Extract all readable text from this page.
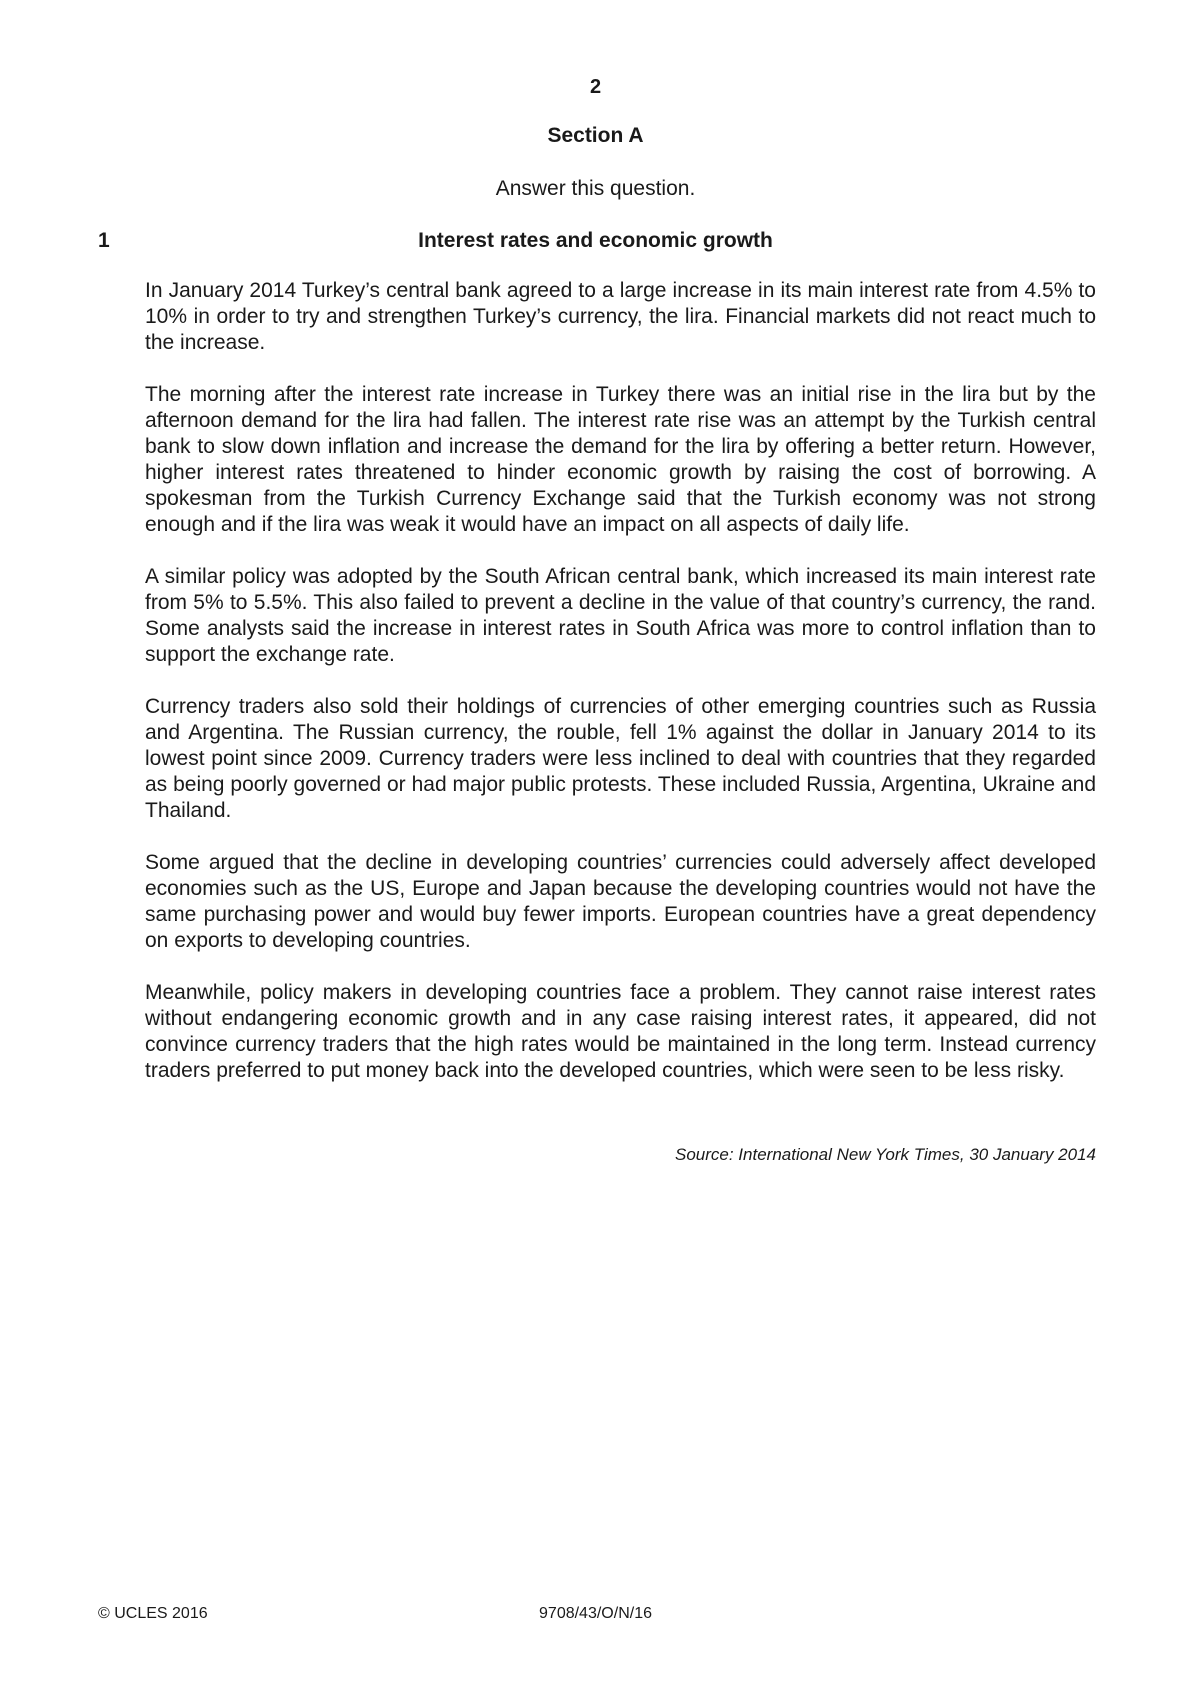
2
Section A
Answer this question.
1	Interest rates and economic growth

In January 2014 Turkey’s central bank agreed to a large increase in its main interest rate from 4.5% to 10% in order to try and strengthen Turkey’s currency, the lira. Financial markets did not react much to the increase.

The morning after the interest rate increase in Turkey there was an initial rise in the lira but by the afternoon demand for the lira had fallen. The interest rate rise was an attempt by the Turkish central bank to slow down inflation and increase the demand for the lira by offering a better return. However, higher interest rates threatened to hinder economic growth by raising the cost of borrowing. A spokesman from the Turkish Currency Exchange said that the Turkish economy was not strong enough and if the lira was weak it would have an impact on all aspects of daily life.

A similar policy was adopted by the South African central bank, which increased its main interest rate from 5% to 5.5%. This also failed to prevent a decline in the value of that country’s currency, the rand. Some analysts said the increase in interest rates in South Africa was more to control inflation than to support the exchange rate.

Currency traders also sold their holdings of currencies of other emerging countries such as Russia and Argentina. The Russian currency, the rouble, fell 1% against the dollar in January 2014 to its lowest point since 2009. Currency traders were less inclined to deal with countries that they regarded as being poorly governed or had major public protests. These included Russia, Argentina, Ukraine and Thailand.

Some argued that the decline in developing countries’ currencies could adversely affect developed economies such as the US, Europe and Japan because the developing countries would not have the same purchasing power and would buy fewer imports. European countries have a great dependency on exports to developing countries.

Meanwhile, policy makers in developing countries face a problem. They cannot raise interest rates without endangering economic growth and in any case raising interest rates, it appeared, did not convince currency traders that the high rates would be maintained in the long term. Instead currency traders preferred to put money back into the developed countries, which were seen to be less risky.

Source: International New York Times, 30 January 2014
© UCLES 2016	9708/43/O/N/16
